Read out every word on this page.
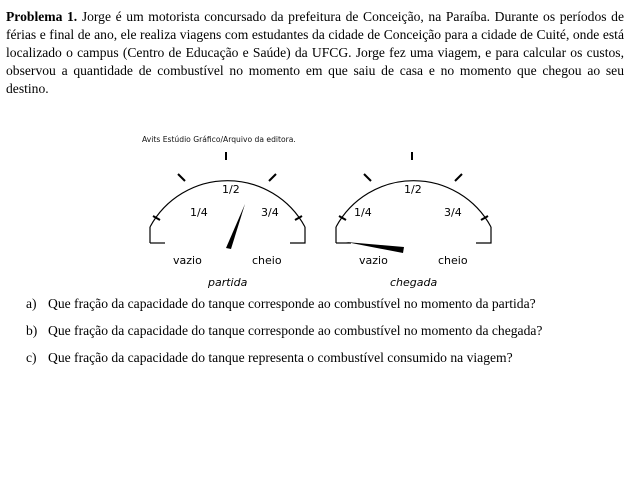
Problema 1. Jorge é um motorista concursado da prefeitura de Conceição, na Paraíba. Durante os períodos de férias e final de ano, ele realiza viagens com estudantes da cidade de Conceição para a cidade de Cuité, onde está localizado o campus (Centro de Educação e Saúde) da UFCG. Jorge fez uma viagem, e para calcular os custos, observou a quantidade de combustível no momento em que saiu de casa e no momento que chegou ao seu destino.

Avits Estúdio Gráfico/Arquivo da editora.
1/4
1/2
3/4
vazio	cheio
partida
1/4
1/2
3/4
vazio	cheio
chegada
a) Que fração da capacidade do tanque corresponde ao combustível no momento da partida?
b) Que fração da capacidade do tanque corresponde ao combustível no momento da chegada?
c) Que fração da capacidade do tanque representa o combustível consumido na viagem?
